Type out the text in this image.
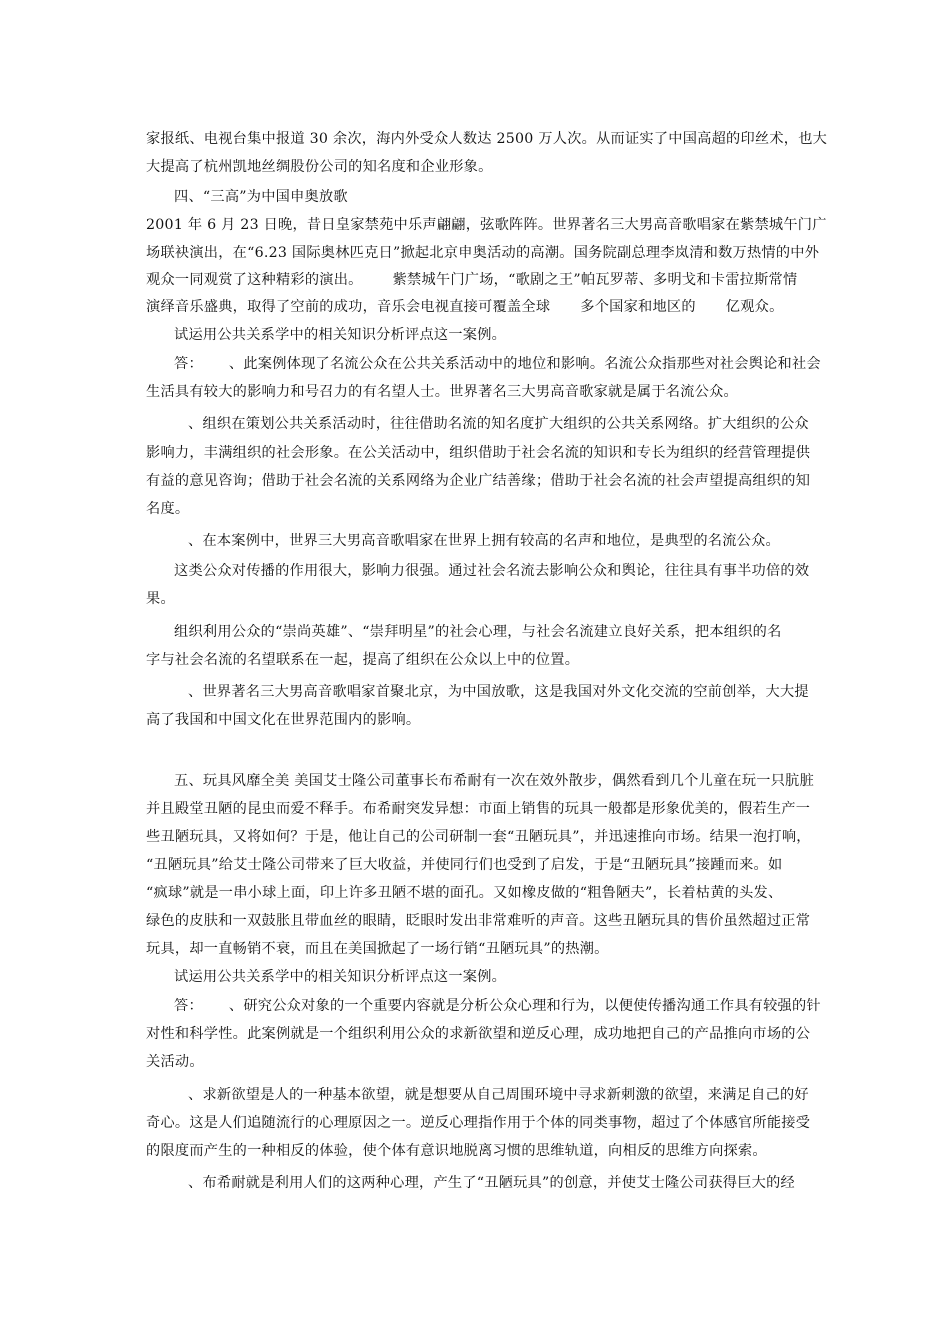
家报纸、电视台集中报道 30 余次，海内外受众人数达 2500 万人次。从而证实了中国高超的印丝术，也大
大提高了杭州凯地丝绸股份公司的知名度和企业形象。
四、“三高”为中国申奥放歌
2001 年 6 月 23 日晚，昔日皇家禁苑中乐声翩翩，弦歌阵阵。世界著名三大男高音歌唱家在紫禁城午门广
场联袂演出，在“6.23 国际奥林匹克日”掀起北京申奥活动的高潮。国务院副总理李岚清和数万热情的中外
观众一同观赏了这种精彩的演出。 紫禁城午门广场，“歌剧之王”帕瓦罗蒂、多明戈和卡雷拉斯常情
演绎音乐盛典，取得了空前的成功，音乐会电视直接可覆盖全球 多个国家和地区的 亿观众。
试运用公共关系学中的相关知识分析评点这一案例。
答： 、此案例体现了名流公众在公共关系活动中的地位和影响。名流公众指那些对社会舆论和社会
生活具有较大的影响力和号召力的有名望人士。世界著名三大男高音歌家就是属于名流公众。
、组织在策划公共关系活动时，往往借助名流的知名度扩大组织的公共关系网络。扩大组织的公众
影响力，丰满组织的社会形象。在公关活动中，组织借助于社会名流的知识和专长为组织的经营管理提供
有益的意见咨询；借助于社会名流的关系网络为企业广结善缘；借助于社会名流的社会声望提高组织的知
名度。
、在本案例中，世界三大男高音歌唱家在世界上拥有较高的名声和地位，是典型的名流公众。
这类公众对传播的作用很大，影响力很强。通过社会名流去影响公众和舆论，往往具有事半功倍的效
果。
组织利用公众的“崇尚英雄”、“崇拜明星”的社会心理，与社会名流建立良好关系，把本组织的名
字与社会名流的名望联系在一起，提高了组织在公众以上中的位置。
、世界著名三大男高音歌唱家首聚北京，为中国放歌，这是我国对外文化交流的空前创举，大大提
高了我国和中国文化在世界范围内的影响。
五、玩具风靡全美 美国艾士隆公司董事长布希耐有一次在效外散步，偶然看到几个儿童在玩一只肮脏
并且殿堂丑陋的昆虫而爱不释手。布希耐突发异想：市面上销售的玩具一般都是形象优美的，假若生产一
些丑陋玩具，又将如何？于是，他让自己的公司研制一套“丑陋玩具”，并迅速推向市场。结果一泡打响，
“丑陋玩具”给艾士隆公司带来了巨大收益，并使同行们也受到了启发，于是“丑陋玩具”接踵而来。如
“疯球”就是一串小球上面，印上许多丑陋不堪的面孔。又如橡皮做的“粗鲁陋夫”，长着枯黄的头发、
绿色的皮肤和一双鼓胀且带血丝的眼睛，眨眼时发出非常难听的声音。这些丑陋玩具的售价虽然超过正常
玩具，却一直畅销不衰，而且在美国掀起了一场行销“丑陋玩具”的热潮。
试运用公共关系学中的相关知识分析评点这一案例。
答： 、研究公众对象的一个重要内容就是分析公众心理和行为，以便使传播沟通工作具有较强的针
对性和科学性。此案例就是一个组织利用公众的求新欲望和逆反心理，成功地把自己的产品推向市场的公
关活动。
、求新欲望是人的一种基本欲望，就是想要从自己周围环境中寻求新刺激的欲望，来满足自己的好
奇心。这是人们追随流行的心理原因之一。逆反心理指作用于个体的同类事物，超过了个体感官所能接受
的限度而产生的一种相反的体验，使个体有意识地脱离习惯的思维轨道，向相反的思维方向探索。
、布希耐就是利用人们的这两种心理，产生了“丑陋玩具”的创意，并使艾士隆公司获得巨大的经
